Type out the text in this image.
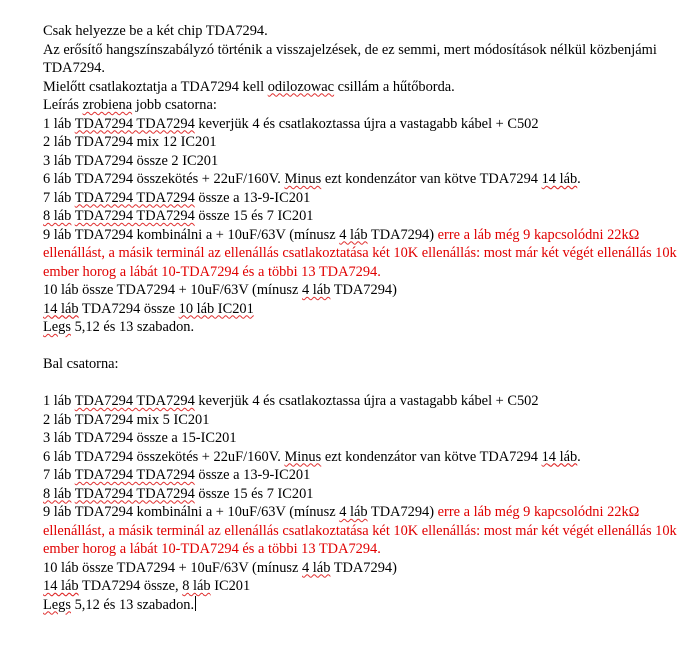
Csak helyezze be a két chip TDA7294.

Az erősítő hangszínszabályzó történik a visszajelzések, de ez semmi, mert módosítások nélkül közbenjámi TDA7294.

Mielőtt csatlakoztatja a TDA7294 kell odilozowac csillám a hűtőborda.

Leírás zrobiena jobb csatorna:

1 láb TDA7294 TDA7294 keverjük 4 és csatlakoztassa újra a vastagabb kábel + C502

2 láb TDA7294 mix 12 IC201

3 láb TDA7294 össze 2 IC201

6 láb TDA7294 összekötés + 22uF/160V. Minus ezt kondenzátor van kötve TDA7294 14 láb.

7 láb TDA7294 TDA7294 össze a 13-9-IC201

8 láb TDA7294 TDA7294 össze 15 és 7 IC201

9 láb TDA7294 kombinálni a + 10uF/63V (mínusz 4 láb TDA7294) erre a láb még 9 kapcsolódni 22kΩ ellenállást, a másik terminál az ellenállás csatlakoztatása két 10K ellenállás: most már két végét ellenállás 10k ember horog a lábát 10-TDA7294 és a többi 13 TDA7294.

10 láb össze TDA7294 + 10uF/63V (mínusz 4 láb TDA7294)

14 láb TDA7294 össze 10 láb IC201

Legs 5,12 és 13 szabadon.

Bal csatorna:

1 láb TDA7294 TDA7294 keverjük 4 és csatlakoztassa újra a vastagabb kábel + C502

2 láb TDA7294 mix 5 IC201

3 láb TDA7294 össze a 15-IC201

6 láb TDA7294 összekötés + 22uF/160V. Minus ezt kondenzátor van kötve TDA7294 14 láb.

7 láb TDA7294 TDA7294 össze a 13-9-IC201

8 láb TDA7294 TDA7294 össze 15 és 7 IC201

9 láb TDA7294 kombinálni a + 10uF/63V (mínusz 4 láb TDA7294) erre a láb még 9 kapcsolódni 22kΩ ellenállást, a másik terminál az ellenállás csatlakoztatása két 10K ellenállás: most már két végét ellenállás 10k ember horog a lábát 10-TDA7294 és a többi 13 TDA7294.

10 láb össze TDA7294 + 10uF/63V (mínusz 4 láb TDA7294)

14 láb TDA7294 össze, 8 láb IC201

Legs 5,12 és 13 szabadon.
